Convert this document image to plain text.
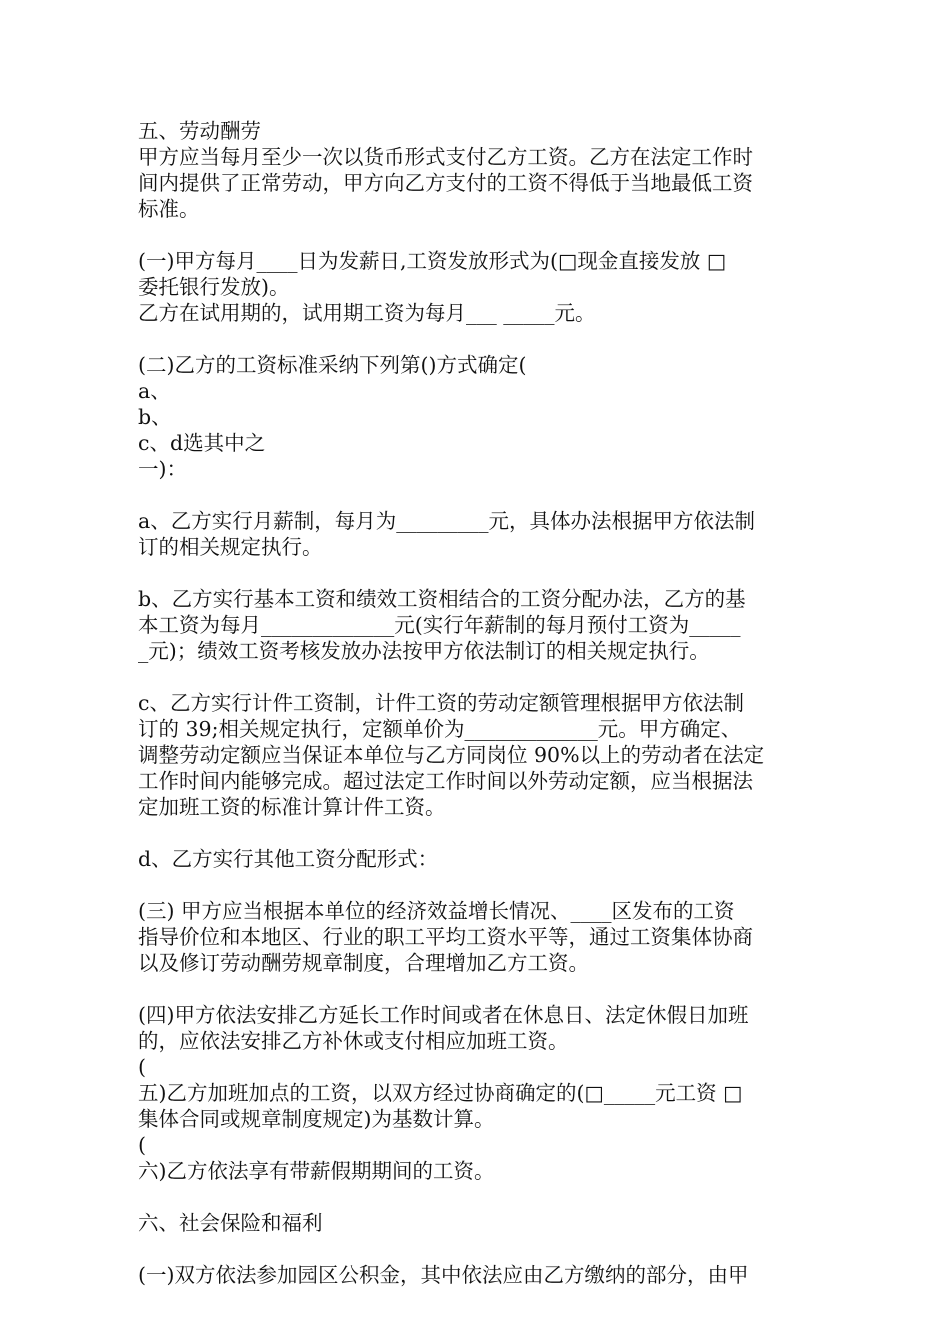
五、劳动酬劳
甲方应当每月至少一次以货币形式支付乙方工资。乙方在法定工作时
间内提供了正常劳动，甲方向乙方支付的工资不得低于当地最低工资
标准。
(一)甲方每月____日为发薪日,工资发放形式为(□现金直接发放 □
委托银行发放)。
乙方在试用期的，试用期工资为每月___ _____元。
(二)乙方的工资标准采纳下列第()方式确定(
a、
b、
c、d选其中之
一)：
a、乙方实行月薪制，每月为_________元，具体办法根据甲方依法制
订的相关规定执行。
b、乙方实行基本工资和绩效工资相结合的工资分配办法，乙方的基
本工资为每月_____________元(实行年薪制的每月预付工资为_____
_元)；绩效工资考核发放办法按甲方依法制订的相关规定执行。
c、乙方实行计件工资制，计件工资的劳动定额管理根据甲方依法制
订的 39;相关规定执行，定额单价为_____________元。甲方确定、
调整劳动定额应当保证本单位与乙方同岗位 90%以上的劳动者在法定
工作时间内能够完成。超过法定工作时间以外劳动定额，应当根据法
定加班工资的标准计算计件工资。
d、乙方实行其他工资分配形式：
(三) 甲方应当根据本单位的经济效益增长情况、____区发布的工资
指导价位和本地区、行业的职工平均工资水平等，通过工资集体协商
以及修订劳动酬劳规章制度，合理增加乙方工资。
(四)甲方依法安排乙方延长工作时间或者在休息日、法定休假日加班
的，应依法安排乙方补休或支付相应加班工资。
(
五)乙方加班加点的工资，以双方经过协商确定的(□_____元工资 □
集体合同或规章制度规定)为基数计算。
(
六)乙方依法享有带薪假期期间的工资。
六、社会保险和福利
(一)双方依法参加园区公积金，其中依法应由乙方缴纳的部分，由甲
